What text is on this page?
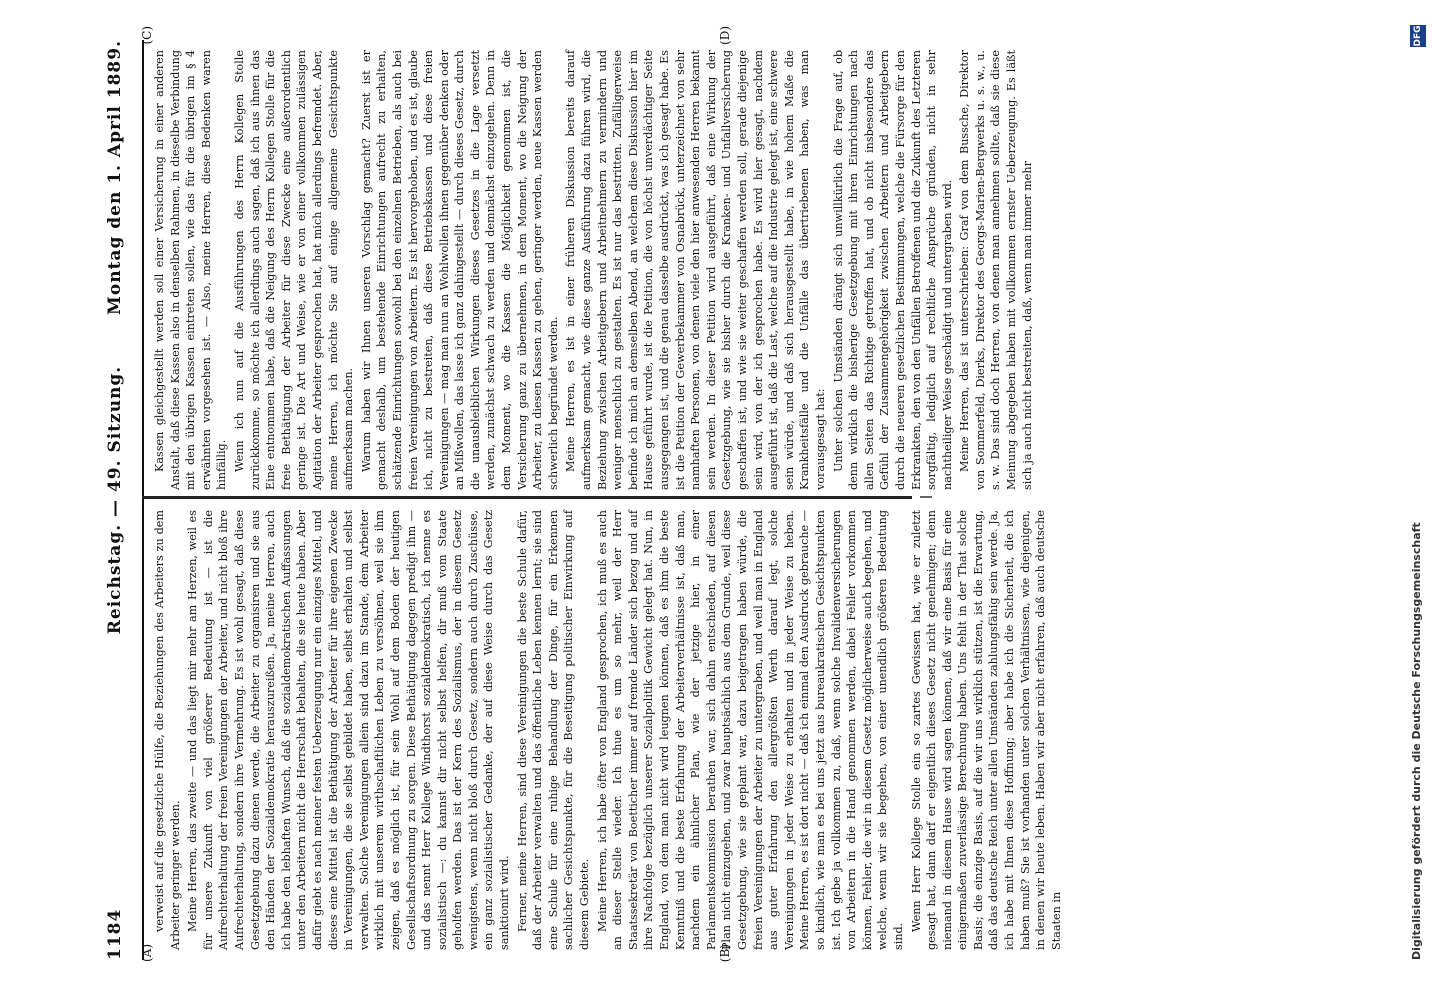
1184
Reichstag. — 49. Sitzung.
Montag den 1. April 1889.	Kassen gleichgestellt werden soll einer Versicherung in einer anderen Anstalt, daß diese Kassen also in denselben Rahmen, in dieselbe Verbindung mit den übrigen Kassen eintreten sollen, wie das für die übrigen im § 4 erwähnten vorgesehen ist. — Also, meine Herren, diese Bedenken waren hinfällig. Wenn ich nun auf die Ausführungen des Herrn Kollegen Stolle zurückkomme, so möchte ich allerdings auch sagen, daß ich aus ihnen das Eine entnommen habe, daß die Neigung des Herrn Kollegen Stolle für die freie Bethätigung der Arbeiter für diese Zwecke eine außerordentlich geringe ist. Die Art und Weise, wie er von einer vollkommen zulässigen Agitation der Arbeiter gesprochen hat, hat mich allerdings befremdet. Aber, meine Herren, ich möchte Sie auf einige allgemeine Gesichtspunkte aufmerksam machen. Warum haben wir Ihnen unseren Vorschlag gemacht? Zuerst ist er gemacht deshalb, um bestehende Einrichtungen aufrecht zu erhalten, schätzende Einrichtungen sowohl bei den einzelnen Betrieben, als auch bei freien Vereinigungen von Arbeitern. Es ist hervorgehoben, und es ist, glaube ich, nicht zu bestreiten, daß diese Betriebskassen und diese freien Vereinigungen — mag man nun an Wohlwollen ihnen gegenüber denken oder an Mißwollen, das lasse ich ganz dahingestellt — durch dieses Gesetz, durch die unausbleiblichen Wirkungen dieses Gesetzes in die Lage versetzt werden, zunächst schwach zu werden und demnächst einzugehen. Denn in dem Moment, wo die Kassen die Möglichkeit genommen ist, die Versicherung ganz zu übernehmen, in dem Moment, wo die Neigung der Arbeiter, zu diesen Kassen zu gehen, geringer werden, neue Kassen werden schwerlich begründet werden. Meine Herren, es ist in einer früheren Diskussion bereits darauf aufmerksam gemacht, wie diese ganze Ausführung dazu führen wird, die Beziehung zwischen Arbeitgebern und Arbeitnehmern zu vermindern und weniger menschlich zu gestalten. Es ist nur das bestritten. Zufälligerweise befinde ich mich an demselben Abend, an welchem diese Diskussion hier im Hause geführt wurde, ist die Petition, die von höchst unverdächtiger Seite ausgegangen ist, und die genau dasselbe ausdrückt, was ich gesagt habe. Es ist die Petition der Gewerbekammer von Osnabrück, unterzeichnet von sehr namhaften Personen, von denen viele den hier anwesenden Herren bekannt sein werden. In dieser Petition wird ausgeführt, daß eine Wirkung der Gesetzgebung, wie sie bisher durch die Kranken- und Unfallversicherung geschaffen ist, und wie sie weiter geschaffen werden soll, gerade diejenige sein wird, von der ich gesprochen habe. Es wird hier gesagt, nachdem ausgeführt ist, daß die Last, welche auf die Industrie gelegt ist, eine schwere sein würde, und daß sich herausgestellt habe, in wie hohem Maße die Krankheitsfälle und die Unfälle das übertriebenen haben, was man vorausgesagt hat: Unter solchen Umständen drängt sich unwillkürlich die Frage auf, ob denn wirklich die bisherige Gesetzgebung mit ihren Einrichtungen nach allen Seiten das Richtige getroffen hat, und ob nicht insbesondere das Gefühl der Zusammengehörigkeit zwischen Arbeitern und Arbeitgebern durch die neueren gesetzlichen Bestimmungen, welche die Fürsorge für den Erkrankten, den von den Unfällen Betroffenen und die Zukunft des Letzteren sorgfältig, lediglich auf rechtliche Ansprüche gründen, nicht in sehr nachtheiliger Weise geschädigt und untergraben wird. Meine Herren, das ist unterschrieben: Graf von dem Bussche, Direktor von Sommerfeld, Dierks, Direktor des Georgs-Marien-Bergwerks u. s. w., u. s. w. Das sind doch Herren, von denen man annehmen sollte, daß sie diese Meinung abgegeben haben mit vollkommen ernster Ueberzeugung. Es läßt sich ja auch nicht bestreiten, daß, wenn man immer mehr

verweist auf die gesetzliche Hülfe, die Beziehungen des Arbeiters zu dem Arbeiter geringer werden. Meine Herren, das zweite — und das liegt mir mehr am Herzen, weil es für unsere Zukunft von viel größerer Bedeutung ist — ist die Aufrechterhaltung der freien Vereinigungen der Arbeiter, und nicht bloß ihre Aufrechterhaltung, sondern ihre Vermehrung. Es ist wohl gesagt, daß diese Gesetzgebung dazu dienen werde, die Arbeiter zu organisiren und sie aus den Händen der Sozialdemokratie herauszureißen. Ja, meine Herren, auch ich habe den lebhaften Wunsch, daß die sozialdemokratischen Auffassungen unter den Arbeitern nicht die Herrschaft behalten, die sie heute haben. Aber dafür giebt es nach meiner festen Ueberzeugung nur ein einziges Mittel, und dieses eine Mittel ist die Bethätigung der Arbeiter für ihre eigenen Zwecke in Vereinigungen, die sie selbst gebildet haben, selbst erhalten und selbst verwalten. Solche Vereinigungen allein sind dazu im Stande, dem Arbeiter wirklich mit unserem wirthschaftlichen Leben zu versöhnen, weil sie ihm zeigen, daß es möglich ist, für sein Wohl auf dem Boden der heutigen Gesellschaftsordnung zu sorgen. Diese Bethätigung dagegen predigt ihm — und das nennt Herr Kollege Windthorst sozialdemokratisch, ich nenne es sozialistisch —: du kannst dir nicht selbst helfen, dir muß vom Staate geholfen werden. Das ist der Kern des Sozialismus, der in diesem Gesetz wenigstens, wenn nicht bloß durch Gesetz, sondern auch durch Zuschüsse, ein ganz sozialistischer Gedanke, der auf diese Weise durch das Gesetz sanktionirt wird. Ferner, meine Herren, sind diese Vereinigungen die beste Schule dafür, daß der Arbeiter verwalten und das öffentliche Leben kennen lernt; sie sind eine Schule für eine ruhige Behandlung der Dinge, für ein Erkennen sachlicher Gesichtspunkte, für die Beseitigung politischer Einwirkung auf diesem Gebiete. Meine Herren, ich habe öfter von England gesprochen, ich muß es auch an dieser Stelle wieder. Ich thue es um so mehr, weil der Herr Staatssekretär von Boetticher immer auf fremde Länder sich bezog und auf ihre Nachfolge bezüglich unserer Sozialpolitik Gewicht gelegt hat. Nun, in England, von dem man nicht wird leugnen können, daß es ihm die beste Kenntniß und die beste Erfahrung der Arbeiterverhältnisse ist, daß man, nachdem ein ähnlicher Plan, wie der jetzige hier, in einer Parlamentskommission berathen war, sich dahin entschieden, auf diesen Plan nicht einzugehen, und zwar hauptsächlich aus dem Grunde, weil diese Gesetzgebung, wie sie geplant war, dazu beigetragen haben würde, die freien Vereinigungen der Arbeiter zu untergraben, und weil man in England aus guter Erfahrung den allergrößten Werth darauf legt, solche Vereinigungen in jeder Weise zu erhalten und in jeder Weise zu heben. Meine Herren, es ist dort nicht — daß ich einmal den Ausdruck gebrauche — so kindlich, wie man es bei uns jetzt aus bureaukratischen Gesichtspunkten ist. Ich gebe ja vollkommen zu, daß, wenn solche Invalidenversicherungen von Arbeitern in die Hand genommen werden, dabei Fehler vorkommen können, Fehler, die wir in diesem Gesetz möglicherweise auch begehen, und welche, wenn wir sie begehen, von einer unendlich größeren Bedeutung sind.

Wenn Herr Kollege Stolle ein so zartes Gewissen hat, wie er zuletzt gesagt hat, dann darf er eigentlich dieses Gesetz nicht genehmigen; denn niemand in diesem Hause wird sagen können, daß wir eine Basis für eine einigermaßen zuverlässige Berechnung haben. Uns fehlt in der That solche Basis; die einzige Basis, auf die wir uns wirklich stützen, ist die Erwartung, daß das deutsche Reich unter allen Umständen zahlungsfähig sein werde. Ja, ich habe mit Ihnen diese Hoffnung; aber habe ich die Sicherheit, die ich haben muß? Sie ist vorhanden unter solchen Verhältnissen, wie diejenigen, in denen wir heute leben. Haben wir aber nicht erfahren, daß auch deutsche Staaten in

(A)	(B)
(C)	(D)	DFG
Digitalisierung gefördert durch die Deutsche Forschungsgemeinschaft
